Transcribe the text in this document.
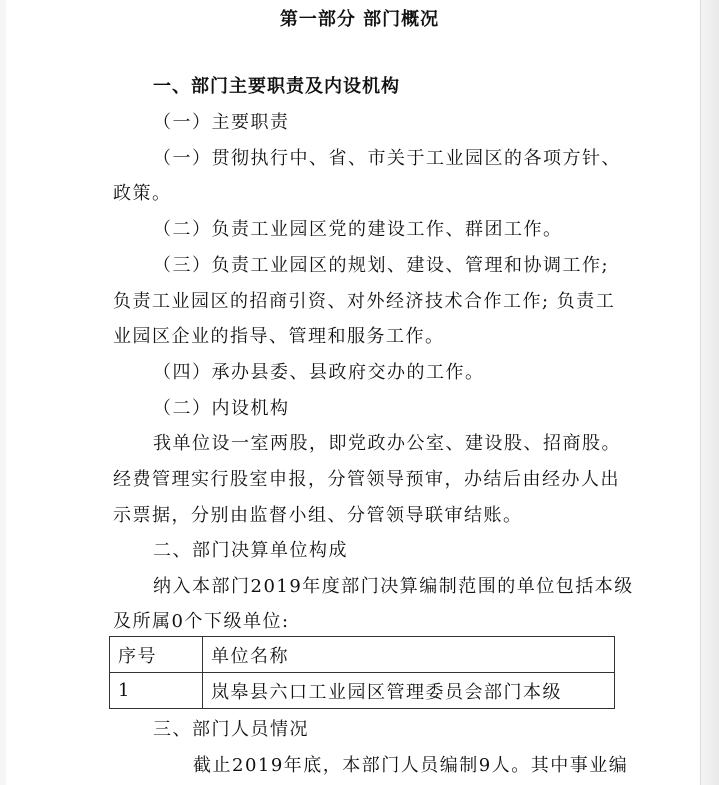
第一部分 部门概况
一、部门主要职责及内设机构
（一）主要职责
（一）贯彻执行中、省、市关于工业园区的各项方针、
政策。
（二）负责工业园区党的建设工作、群团工作。
（三）负责工业园区的规划、建设、管理和协调工作;
负责工业园区的招商引资、对外经济技术合作工作; 负责工
业园区企业的指导、管理和服务工作。
（四）承办县委、县政府交办的工作。
（二）内设机构
我单位设一室两股，即党政办公室、建设股、招商股。
经费管理实行股室申报，分管领导预审，办结后由经办人出
示票据，分别由监督小组、分管领导联审结账。
二、部门决算单位构成
纳入本部门2019年度部门决算编制范围的单位包括本级
及所属0个下级单位:
序号	单位名称
1	岚皋县六口工业园区管理委员会部门本级
三、部门人员情况
截止2019年底，本部门人员编制9人。其中事业编
